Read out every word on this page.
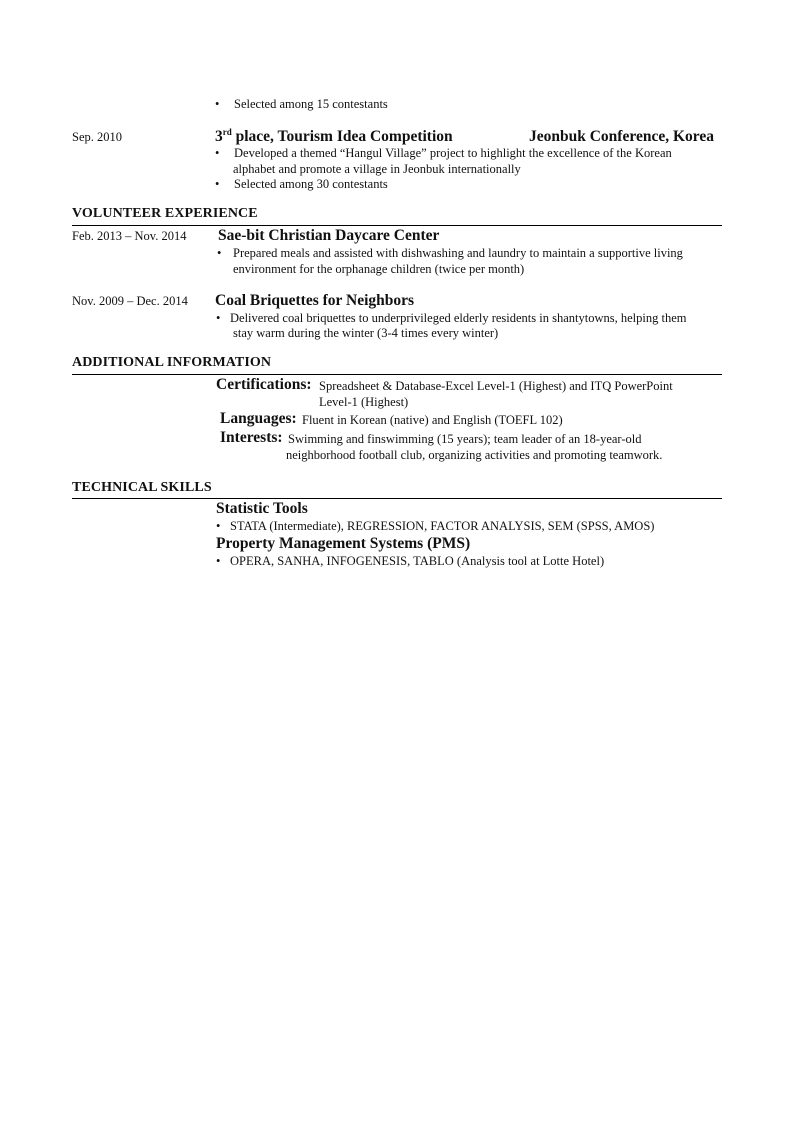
• Selected among 15 contestants
Sep. 2010	3rd place, Tourism Idea Competition	Jeonbuk Conference, Korea
• Developed a themed “Hangul Village” project to highlight the excellence of the Korean
alphabet and promote a village in Jeonbuk internationally
• Selected among 30 contestants
VOLUNTEER EXPERIENCE
Feb. 2013 – Nov. 2014 Sae-bit Christian Daycare Center
• Prepared meals and assisted with dishwashing and laundry to maintain a supportive living
environment for the orphanage children (twice per month)
Nov. 2009 – Dec. 2014 Coal Briquettes for Neighbors
• Delivered coal briquettes to underprivileged elderly residents in shantytowns, helping them
stay warm during the winter (3-4 times every winter)
ADDITIONAL INFORMATION
Certifications: Spreadsheet & Database-Excel Level-1 (Highest) and ITQ PowerPoint
Level-1 (Highest)
Languages: Fluent in Korean (native) and English (TOEFL 102)
Interests: Swimming and finswimming (15 years); team leader of an 18-year-old
neighborhood football club, organizing activities and promoting teamwork.
TECHNICAL SKILLS
Statistic Tools
• STATA (Intermediate), REGRESSION, FACTOR ANALYSIS, SEM (SPSS, AMOS)
Property Management Systems (PMS)
• OPERA, SANHA, INFOGENESIS, TABLO (Analysis tool at Lotte Hotel)
